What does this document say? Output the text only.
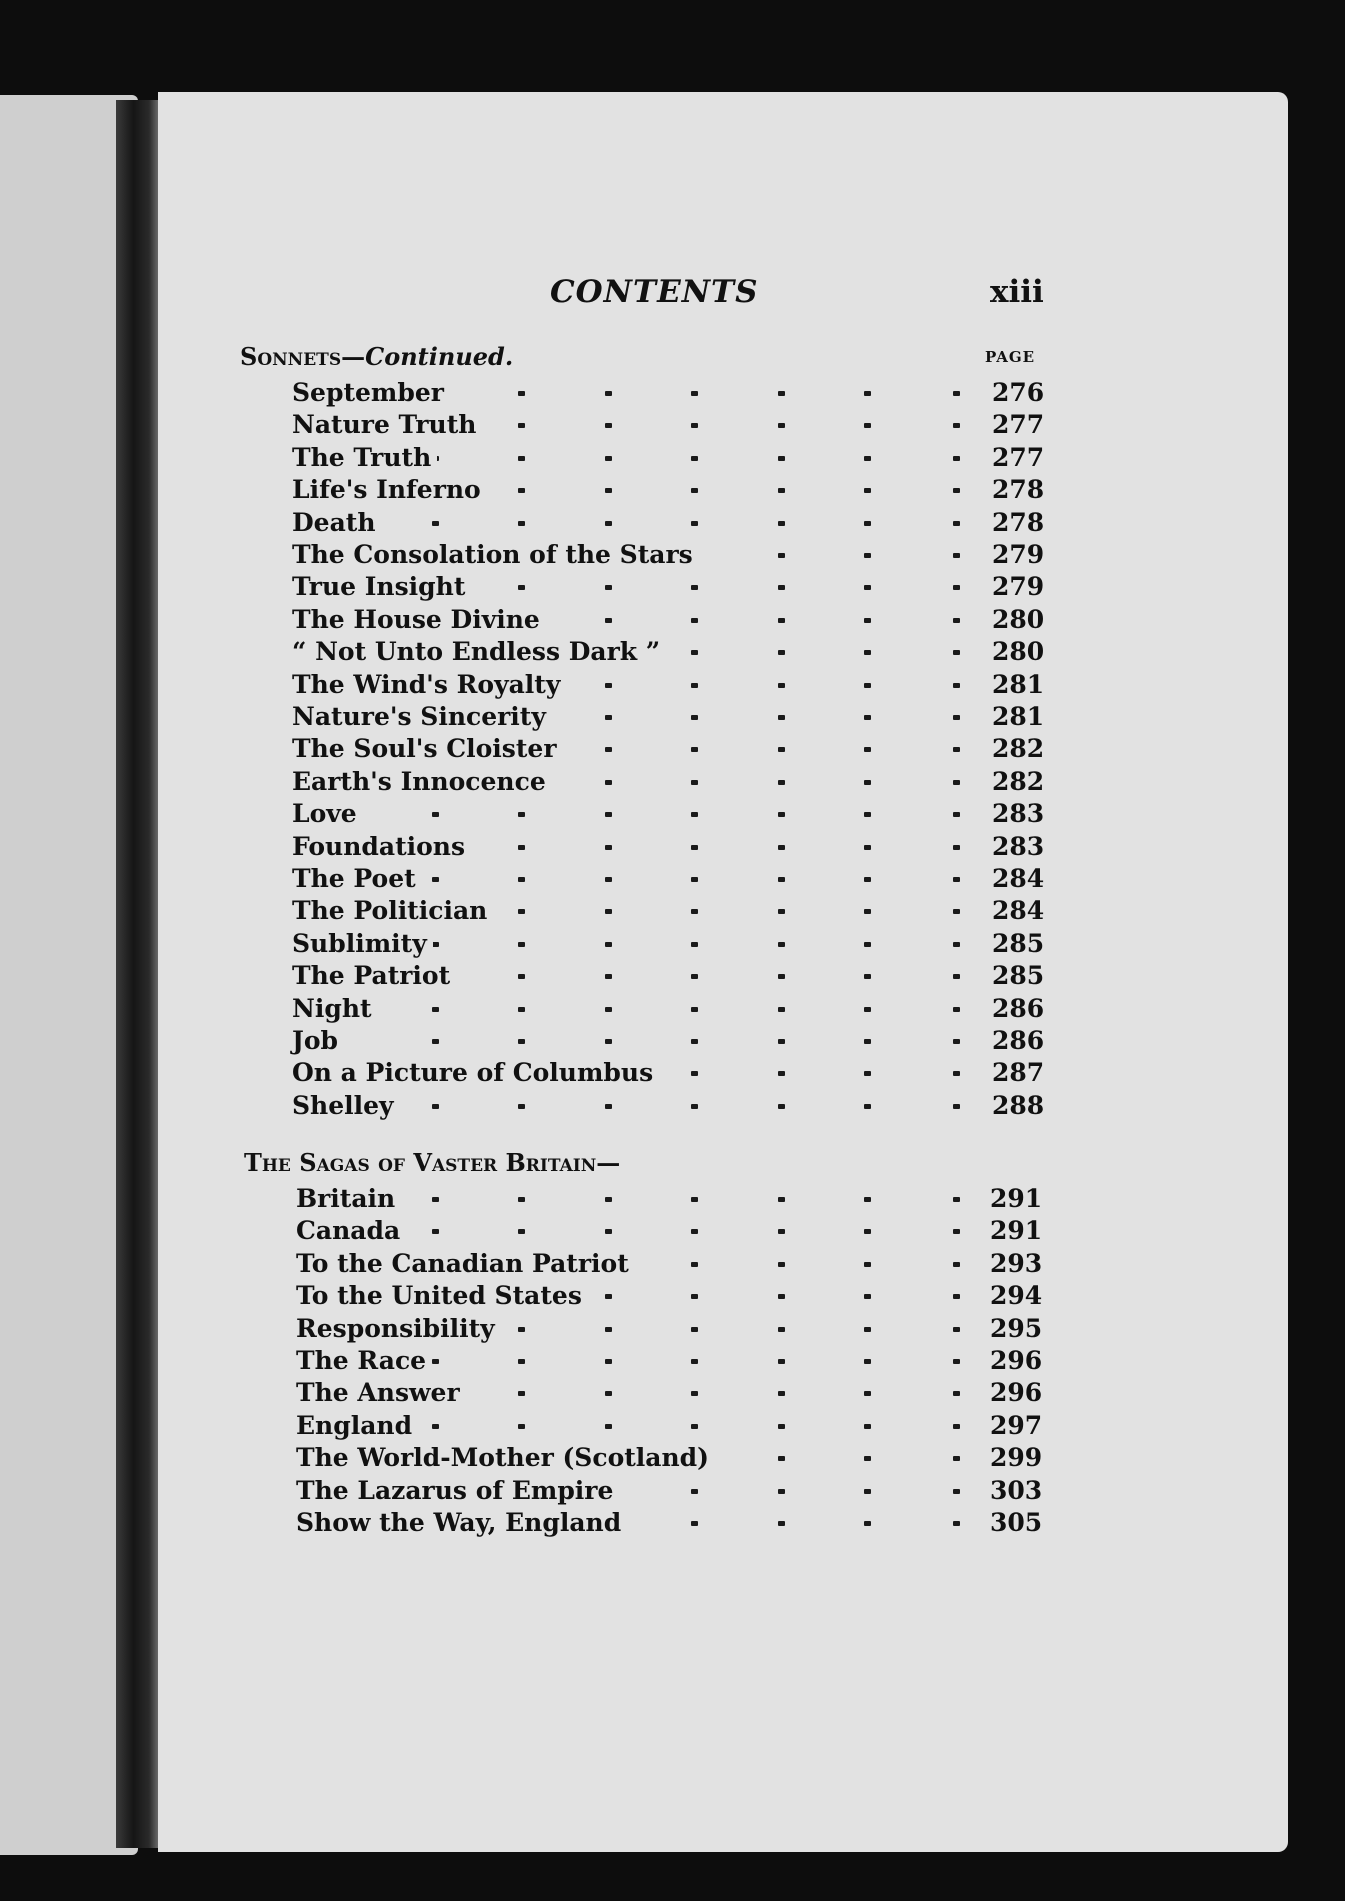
CONTENTS	xiii
Sonnets—Continued.	PAGE
September	276
Nature Truth	277
The Truth	277
Life's Inferno	278
Death	278
The Consolation of the Stars	279
True Insight	279
The House Divine	280
“ Not Unto Endless Dark ”	280
The Wind's Royalty	281
Nature's Sincerity	281
The Soul's Cloister	282
Earth's Innocence	282
Love	283
Foundations	283
The Poet	284
The Politician	284
Sublimity	285
The Patriot	285
Night	286
Job	286
On a Picture of Columbus	287
Shelley	288
The Sagas of Vaster Britain—
Britain	291
Canada	291
To the Canadian Patriot	293
To the United States	294
Responsibility	295
The Race	296
The Answer	296
England	297
The World-Mother (Scotland)	299
The Lazarus of Empire	303
Show the Way, England	305
